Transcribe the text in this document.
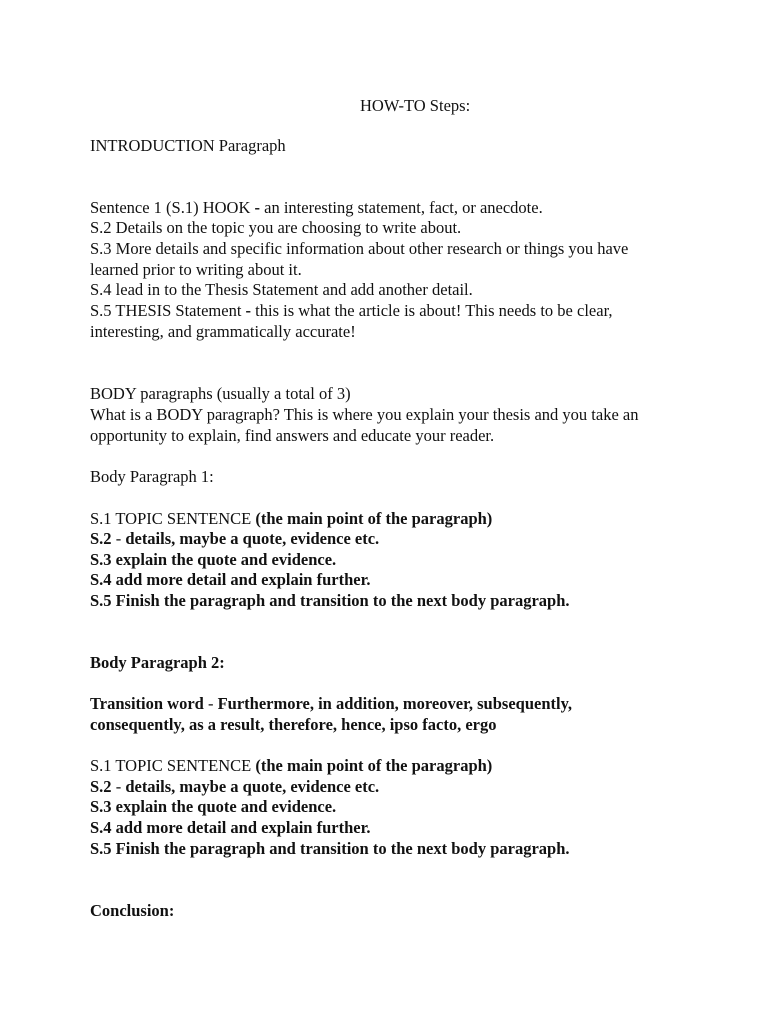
HOW-TO Steps:
INTRODUCTION Paragraph
Sentence 1 (S.1) HOOK - an interesting statement, fact, or anecdote.
S.2 Details on the topic you are choosing to write about.
S.3 More details and specific information about other research or things you have
learned prior to writing about it.
S.4 lead in to the Thesis Statement and add another detail.
S.5 THESIS Statement - this is what the article is about! This needs to be clear,
interesting, and grammatically accurate!
BODY paragraphs (usually a total of 3)
What is a BODY paragraph? This is where you explain your thesis and you take an
opportunity to explain, find answers and educate your reader.
Body Paragraph 1:
S.1 TOPIC SENTENCE (the main point of the paragraph)
S.2 - details, maybe a quote, evidence etc.
S.3 explain the quote and evidence.
S.4 add more detail and explain further.
S.5 Finish the paragraph and transition to the next body paragraph.
Body Paragraph 2:
Transition word - Furthermore, in addition, moreover, subsequently,
consequently, as a result, therefore, hence, ipso facto, ergo
S.1 TOPIC SENTENCE (the main point of the paragraph)
S.2 - details, maybe a quote, evidence etc.
S.3 explain the quote and evidence.
S.4 add more detail and explain further.
S.5 Finish the paragraph and transition to the next body paragraph.
Conclusion:
